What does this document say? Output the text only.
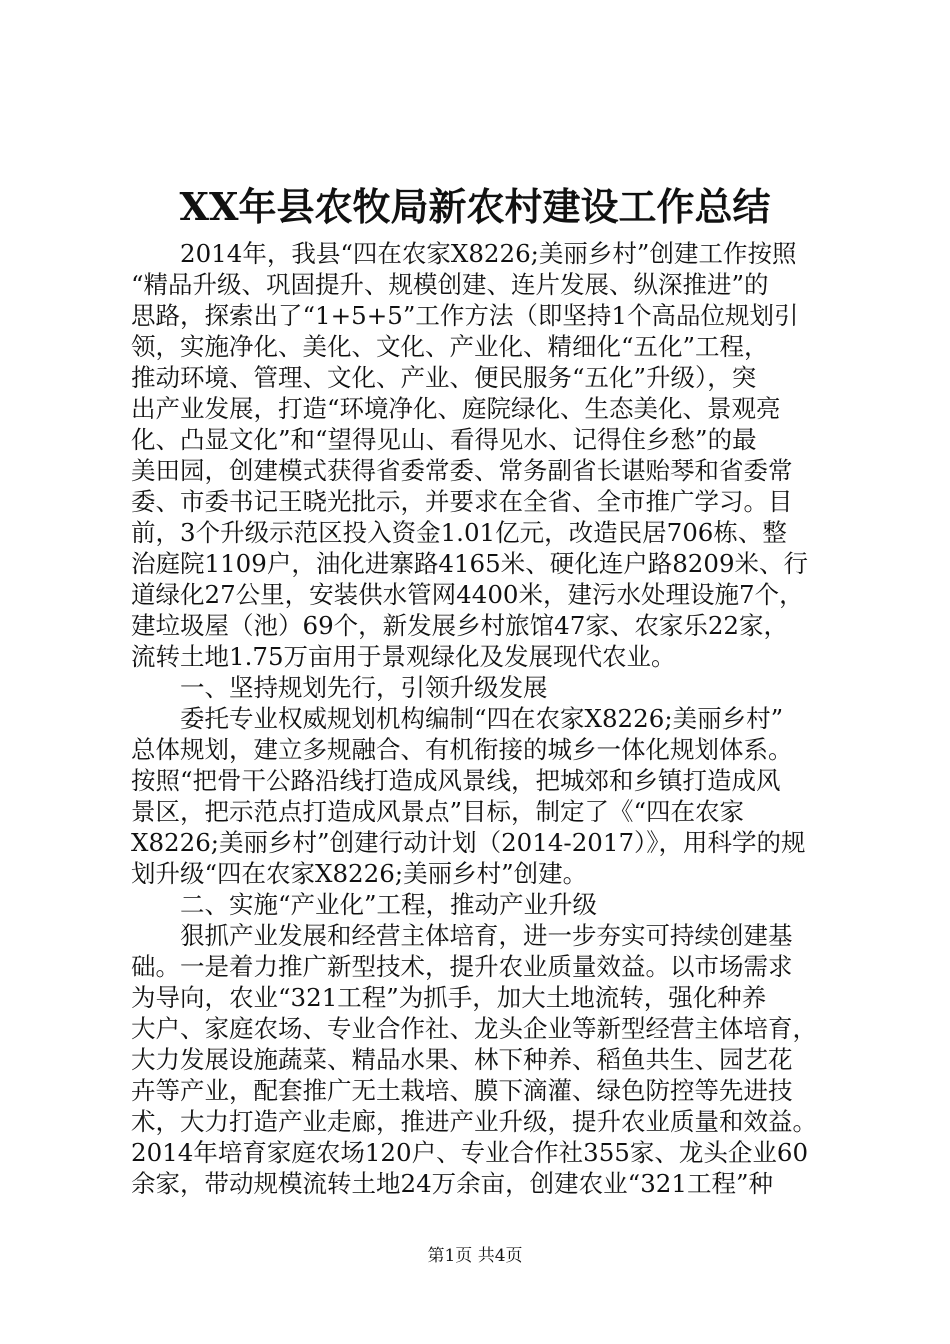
XX年县农牧局新农村建设工作总结
　　2014年，我县“四在农家X8226;美丽乡村”创建工作按照
“精品升级、巩固提升、规模创建、连片发展、纵深推进”的
思路，探索出了“1+5+5”工作方法（即坚持1个高品位规划引
领，实施净化、美化、文化、产业化、精细化“五化”工程，
推动环境、管理、文化、产业、便民服务“五化”升级），突
出产业发展，打造“环境净化、庭院绿化、生态美化、景观亮
化、凸显文化”和“望得见山、看得见水、记得住乡愁”的最
美田园，创建模式获得省委常委、常务副省长谌贻琴和省委常
委、市委书记王晓光批示，并要求在全省、全市推广学习。目
前，3个升级示范区投入资金1.01亿元，改造民居706栋、整
治庭院1109户，油化进寨路4165米、硬化连户路8209米、行
道绿化27公里，安装供水管网4400米，建污水处理设施7个，
建垃圾屋（池）69个，新发展乡村旅馆47家、农家乐22家，
流转土地1.75万亩用于景观绿化及发展现代农业。
　　一、坚持规划先行，引领升级发展
　　委托专业权威规划机构编制“四在农家X8226;美丽乡村”
总体规划，建立多规融合、有机衔接的城乡一体化规划体系。
按照“把骨干公路沿线打造成风景线，把城郊和乡镇打造成风
景区，把示范点打造成风景点”目标，制定了《“四在农家
X8226;美丽乡村”创建行动计划（2014-2017）》，用科学的规
划升级“四在农家X8226;美丽乡村”创建。
　　二、实施“产业化”工程，推动产业升级
　　狠抓产业发展和经营主体培育，进一步夯实可持续创建基
础。一是着力推广新型技术，提升农业质量效益。以市场需求
为导向，农业“321工程”为抓手，加大土地流转，强化种养
大户、家庭农场、专业合作社、龙头企业等新型经营主体培育，
大力发展设施蔬菜、精品水果、林下种养、稻鱼共生、园艺花
卉等产业，配套推广无土栽培、膜下滴灌、绿色防控等先进技
术，大力打造产业走廊，推进产业升级，提升农业质量和效益。
2014年培育家庭农场120户、专业合作社355家、龙头企业60
余家，带动规模流转土地24万余亩，创建农业“321工程”种
第1页 共4页
